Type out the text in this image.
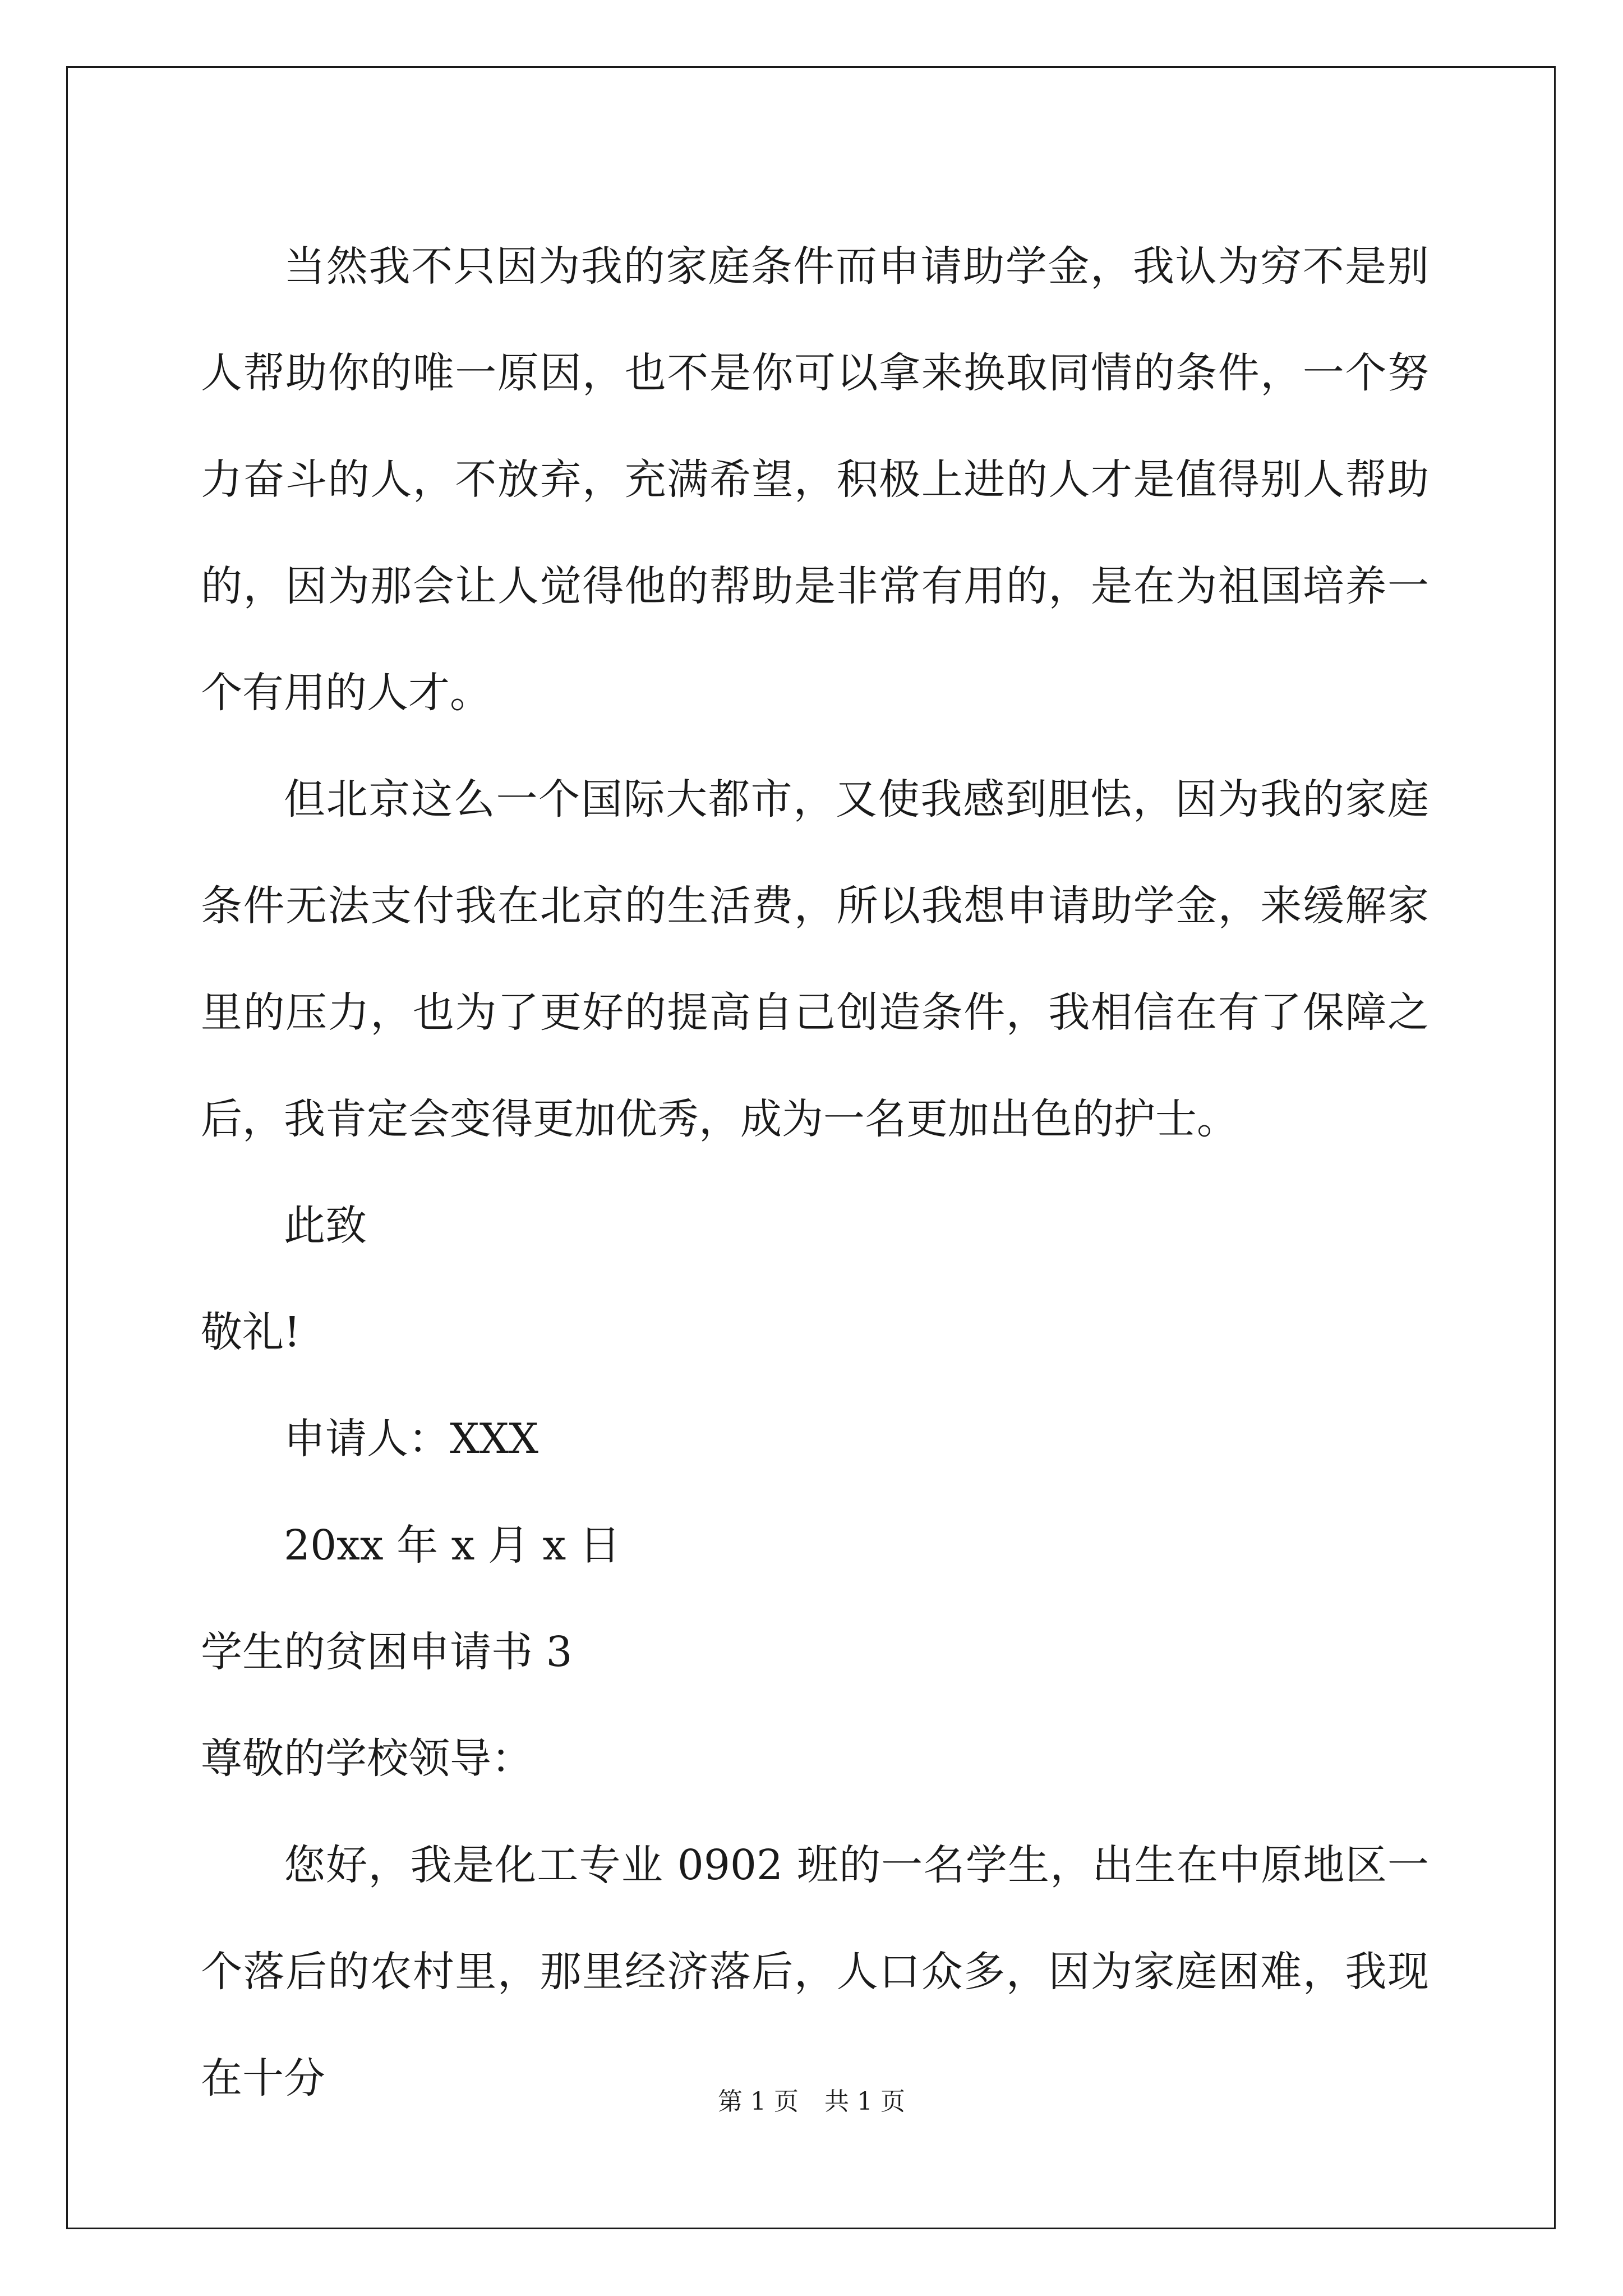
当然我不只因为我的家庭条件而申请助学金，我认为穷不是别人帮助你的唯一原因，也不是你可以拿来换取同情的条件，一个努力奋斗的人，不放弃，充满希望，积极上进的人才是值得别人帮助的，因为那会让人觉得他的帮助是非常有用的，是在为祖国培养一个有用的人才。

但北京这么一个国际大都市，又使我感到胆怯，因为我的家庭条件无法支付我在北京的生活费，所以我想申请助学金，来缓解家里的压力，也为了更好的提高自己创造条件，我相信在有了保障之后，我肯定会变得更加优秀，成为一名更加出色的护士。

此致
敬礼!
申请人：XXX
20xx 年 x 月 x 日
学生的贫困申请书 3
尊敬的学校领导：

您好，我是化工专业 0902 班的一名学生，出生在中原地区一个落后的农村里，那里经济落后，人口众多，因为家庭困难，我现在十分	第 1 页 共 1 页
